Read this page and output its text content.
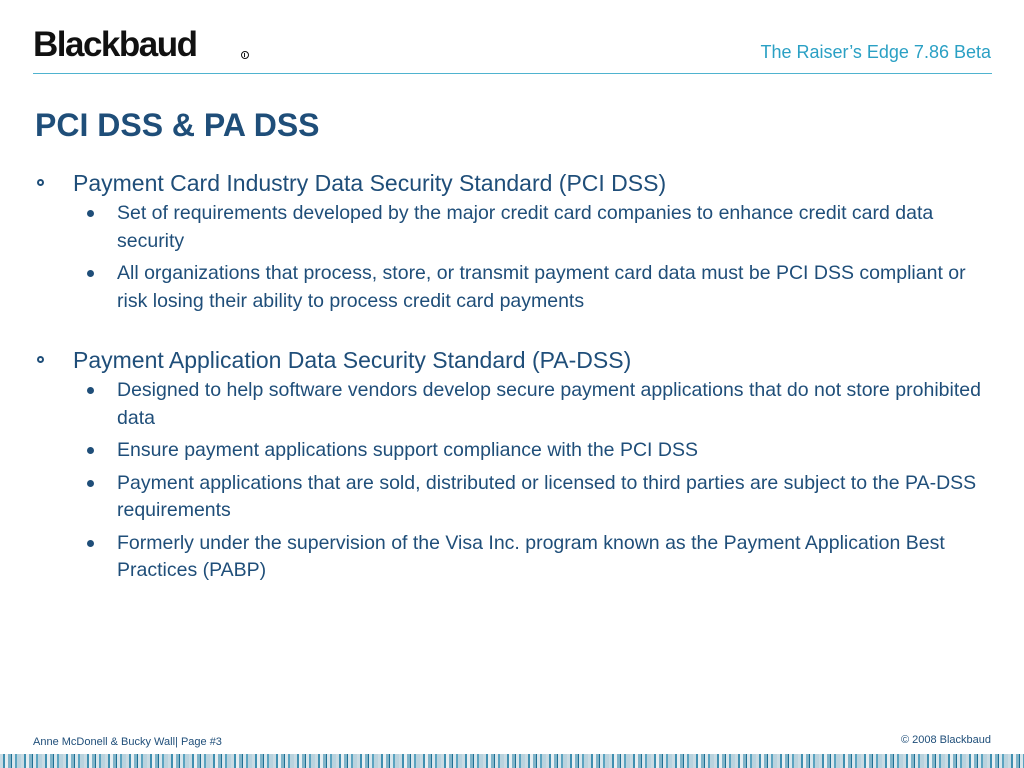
Blackbaud	The Raiser’s Edge 7.86 Beta
PCI DSS & PA DSS
Payment Card Industry Data Security Standard (PCI DSS)
Set of requirements developed by the major credit card companies to enhance credit card data security
All organizations that process, store, or transmit payment card data must be PCI DSS compliant or risk losing their ability to process credit card payments
Payment Application Data Security Standard (PA-DSS)
Designed to help software vendors develop secure payment applications that do not store prohibited data
Ensure payment applications support compliance with the PCI DSS
Payment applications that are sold, distributed or licensed to third parties are subject to the PA-DSS requirements
Formerly under the supervision of the Visa Inc. program known as the Payment Application Best Practices (PABP)
Anne McDonell & Bucky Wall| Page #3	© 2008 Blackbaud
